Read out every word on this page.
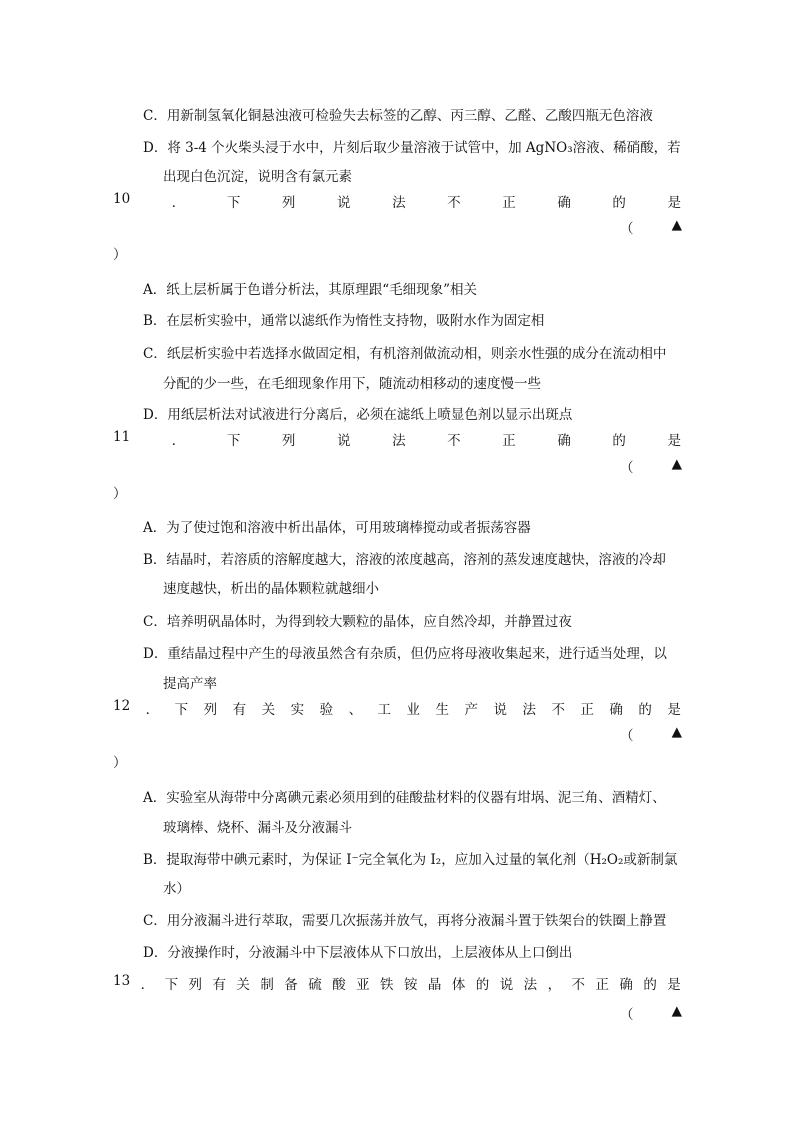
C．用新制氢氧化铜悬浊液可检验失去标签的乙醇、丙三醇、乙醛、乙酸四瓶无色溶液
D．将 3-4 个火柴头浸于水中，片刻后取少量溶液于试管中，加 AgNO₃溶液、稀硝酸，若
出现白色沉淀，说明含有氯元素
10	．	下	列	说	法	不	正	确	的	是
（	▲
）
A．纸上层析属于色谱分析法，其原理跟“毛细现象”相关
B．在层析实验中，通常以滤纸作为惰性支持物，吸附水作为固定相
C．纸层析实验中若选择水做固定相，有机溶剂做流动相，则亲水性强的成分在流动相中
分配的少一些，在毛细现象作用下，随流动相移动的速度慢一些
D．用纸层析法对试液进行分离后，必须在滤纸上喷显色剂以显示出斑点
11	．	下	列	说	法	不	正	确	的	是
（	▲
）
A．为了使过饱和溶液中析出晶体，可用玻璃棒搅动或者振荡容器
B．结晶时，若溶质的溶解度越大，溶液的浓度越高，溶剂的蒸发速度越快，溶液的冷却
速度越快，析出的晶体颗粒就越细小
C．培养明矾晶体时，为得到较大颗粒的晶体，应自然冷却，并静置过夜
D．重结晶过程中产生的母液虽然含有杂质，但仍应将母液收集起来，进行适当处理，以
提高产率
12 ． 下 列 有 关 实 验 、 工 业 生 产 说 法 不 正 确 的 是
（	▲
）
A．实验室从海带中分离碘元素必须用到的硅酸盐材料的仪器有坩埚、泥三角、酒精灯、
玻璃棒、烧杯、漏斗及分液漏斗
B．提取海带中碘元素时，为保证 I⁻完全氧化为 I₂，应加入过量的氧化剂（H₂O₂或新制氯
水）
C．用分液漏斗进行萃取，需要几次振荡并放气，再将分液漏斗置于铁架台的铁圈上静置
D．分液操作时，分液漏斗中下层液体从下口放出，上层液体从上口倒出
13 ． 下 列 有 关 制 备 硫 酸 亚 铁 铵 晶 体 的 说 法 ， 不 正 确 的 是
（	▲
